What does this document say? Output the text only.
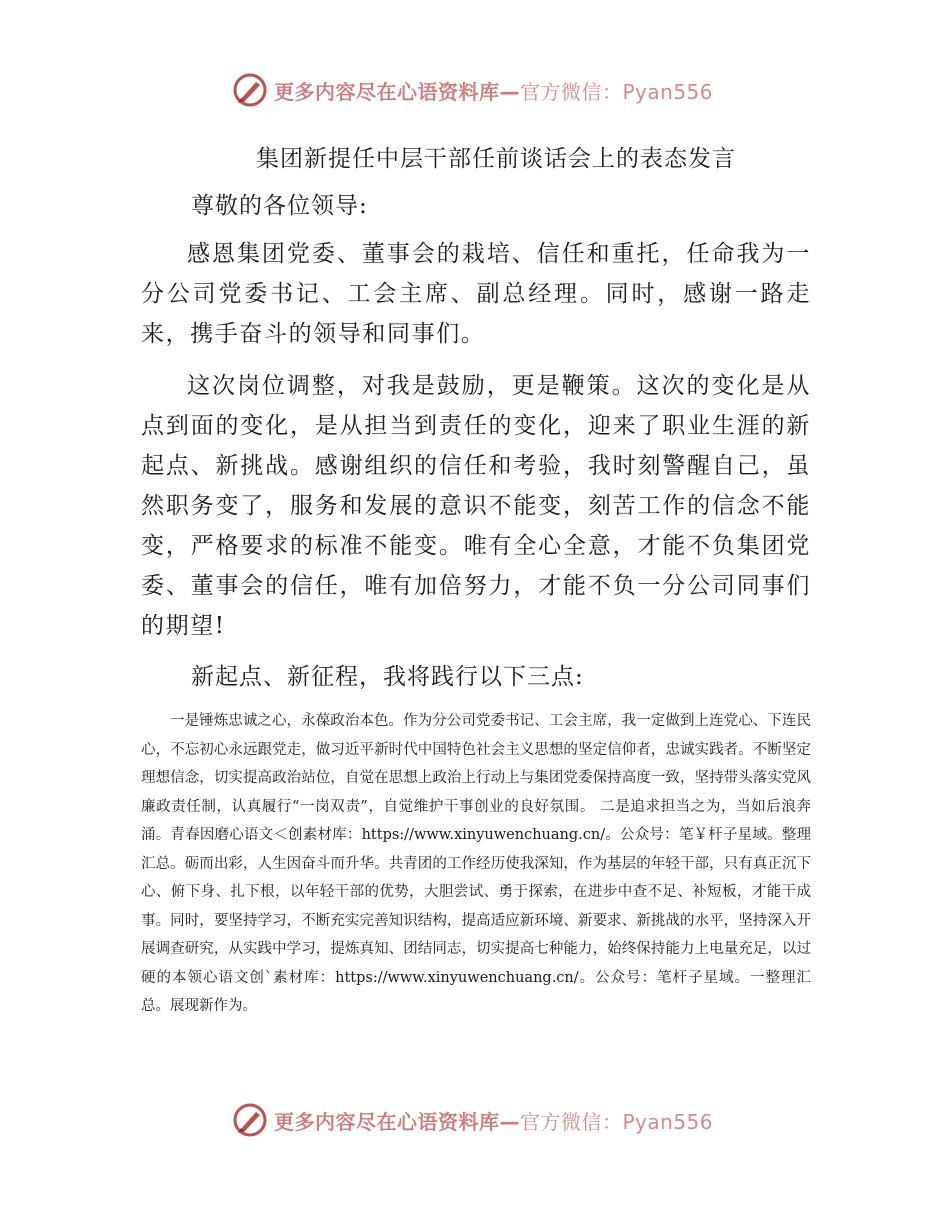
更多内容尽在心语资料库—官方微信：Pyan556
集团新提任中层干部任前谈话会上的表态发言

尊敬的各位领导:

感恩集团党委、董事会的栽培、信任和重托，任命我为一分公司党委书记、工会主席、副总经理。同时，感谢一路走来，携手奋斗的领导和同事们。

这次岗位调整，对我是鼓励，更是鞭策。这次的变化是从点到面的变化，是从担当到责任的变化，迎来了职业生涯的新起点、新挑战。感谢组织的信任和考验，我时刻警醒自己，虽然职务变了，服务和发展的意识不能变，刻苦工作的信念不能变，严格要求的标准不能变。唯有全心全意，才能不负集团党委、董事会的信任，唯有加倍努力，才能不负一分公司同事们的期望!

新起点、新征程，我将践行以下三点:

一是锤炼忠诚之心，永葆政治本色。作为分公司党委书记、工会主席，我一定做到上连党心、下连民心，不忘初心永远跟党走，做习近平新时代中国特色社会主义思想的坚定信仰者，忠诚实践者。不断坚定理想信念，切实提高政治站位，自觉在思想上政治上行动上与集团党委保持高度一致，坚持带头落实党风廉政责任制，认真履行“一岗双责”，自觉维护干事创业的良好氛围。 二是追求担当之为，当如后浪奔涌。青春因磨心语文＜创素材库：https://www.xinyuwenchuang.cn/。公众号：笔￥杆子星域。整理汇总。砺而出彩，人生因奋斗而升华。共青团的工作经历使我深知，作为基层的年轻干部，只有真正沉下心、俯下身、扎下根，以年轻干部的优势，大胆尝试、勇于探索，在进步中查不足、补短板，才能干成事。同时，要坚持学习，不断充实完善知识结构，提高适应新环境、新要求、新挑战的水平，坚持深入开展调查研究，从实践中学习，提炼真知、团结同志，切实提高七种能力，始终保持能力上电量充足，以过硬的本领心语文创`素材库：https://www.xinyuwenchuang.cn/。公众号：笔杆子星域。一整理汇总。展现新作为。

更多内容尽在心语资料库—官方微信：Pyan556
